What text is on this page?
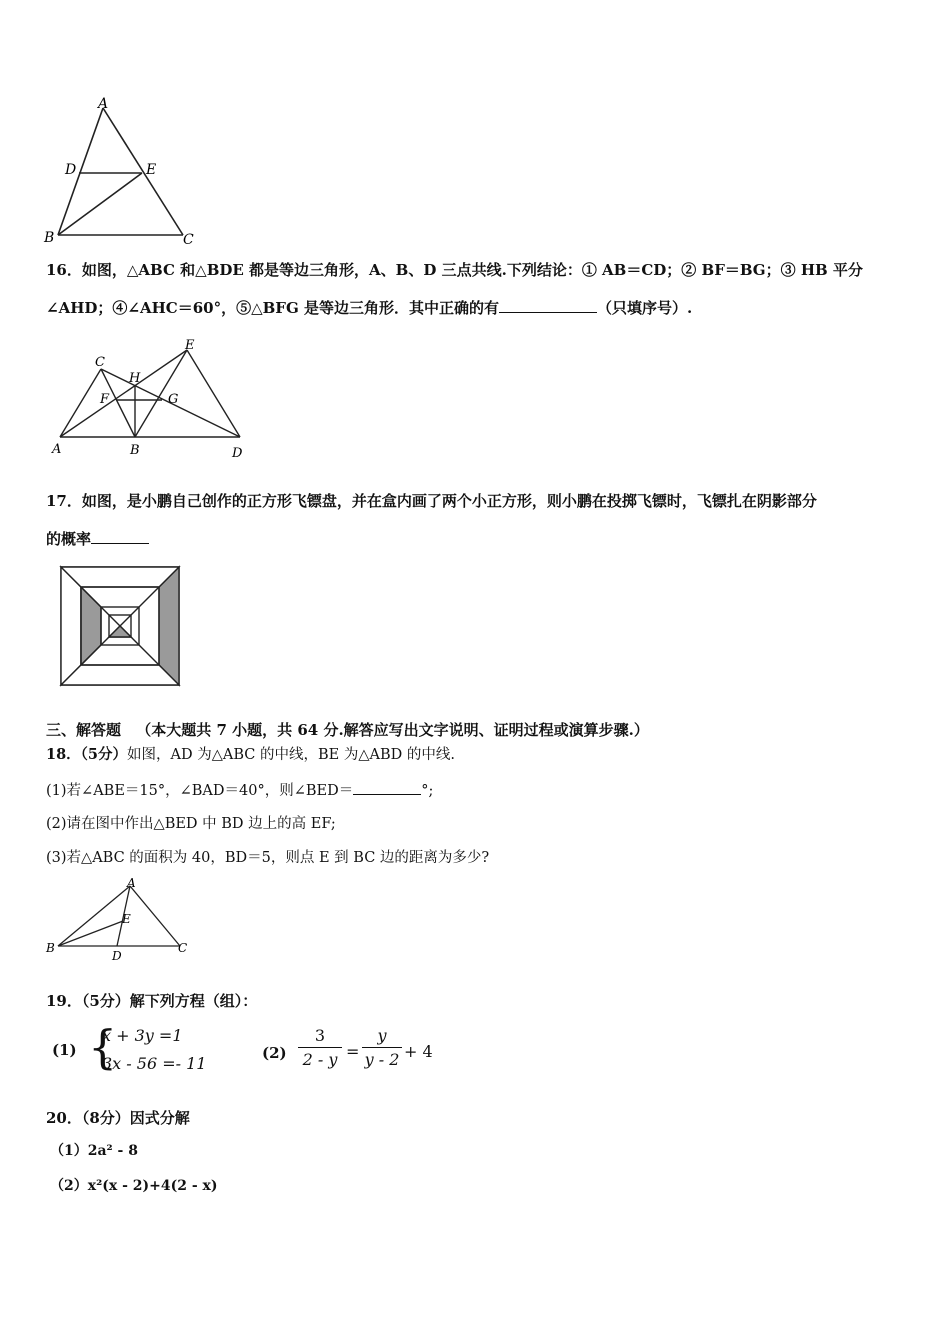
A
D	E
B	C
16．如图，△ABC 和△BDE 都是等边三角形，A、B、D 三点共线.下列结论：① AB＝CD；② BF＝BG；③ HB 平分
∠AHD；④∠AHC＝60°，⑤△BFG 是等边三角形．其中正确的有	（只填序号）.
C
E
H
F	G
A	B	D
17．如图，是小鹏自己创作的正方形飞镖盘，并在盒内画了两个小正方形，则小鹏在投掷飞镖时，飞镖扎在阴影部分
的概率
三、解答题 （本大题共 7 小题，共 64 分.解答应写出文字说明、证明过程或演算步骤.）
18．（5分）如图，AD 为△ABC 的中线，BE 为△ABD 的中线.
(1)若∠ABE＝15°，∠BAD＝40°，则∠BED＝	°;
(2)请在图中作出△BED 中 BD 边上的高 EF;
(3)若△ABC 的面积为 40，BD＝5，则点 E 到 BC 边的距离为多少?
A
E
B
D
C
19．（5分）解下列方程（组）：
(1) {
x + 3y =1
3x - 56 =- 11
(2)
3
2 - y =
y
y - 2 + 4
20．（8分）因式分解
（1）2a² - 8
（2）x²(x - 2)+4(2 - x)
